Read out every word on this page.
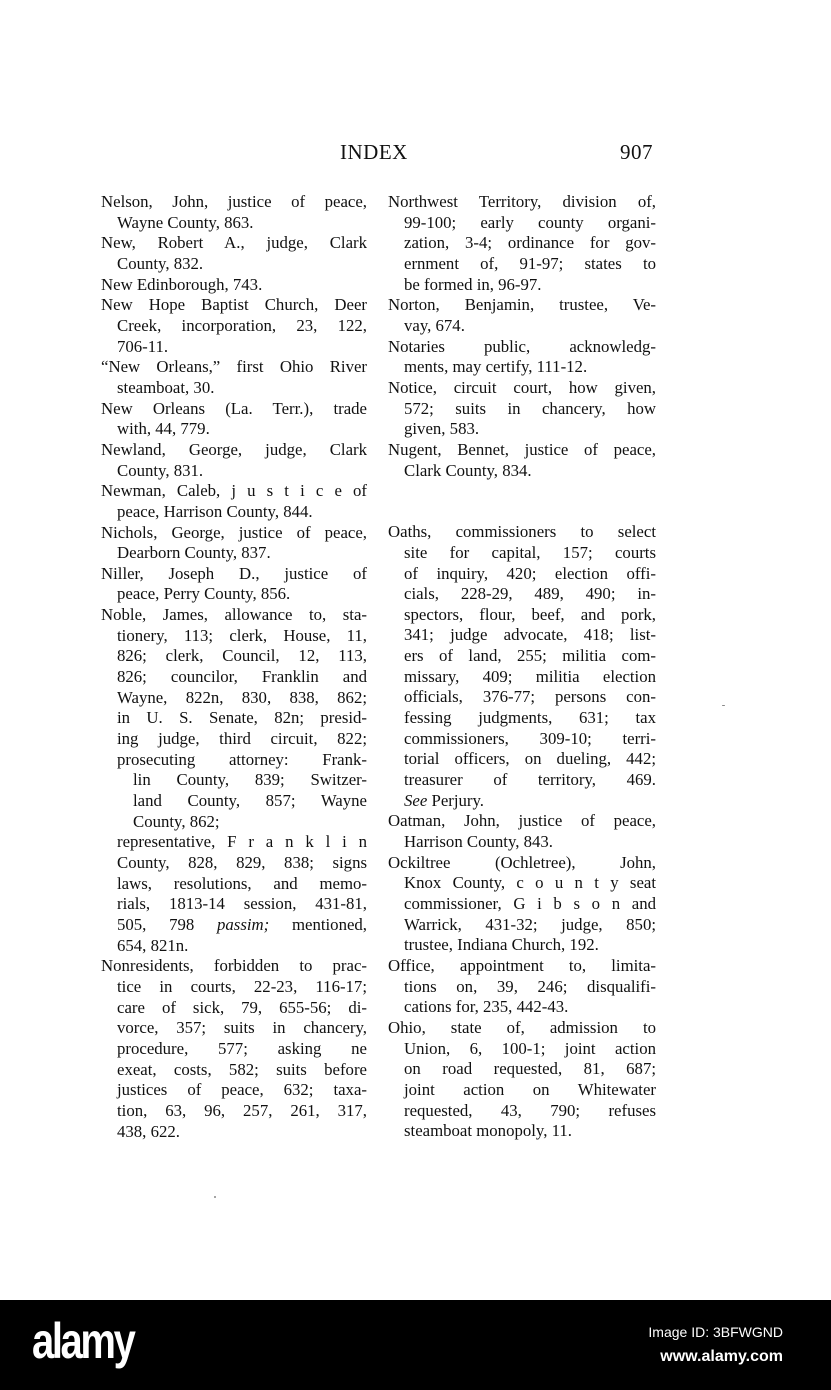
INDEX	907
Nelson, John, justice of peace,
Wayne County, 863.
New, Robert A., judge, Clark
County, 832.
New Edinborough, 743.
New Hope Baptist Church, Deer
Creek, incorporation, 23, 122,
706-11.
“New Orleans,” first Ohio River
steamboat, 30.
New Orleans (La. Terr.), trade
with, 44, 779.
Newland, George, judge, Clark
County, 831.
Newman, Caleb, j u s t i c e of
peace, Harrison County, 844.
Nichols, George, justice of peace,
Dearborn County, 837.
Niller, Joseph D., justice of
peace, Perry County, 856.
Noble, James, allowance to, sta-
tionery, 113; clerk, House, 11,
826; clerk, Council, 12, 113,
826; councilor, Franklin and
Wayne, 822n, 830, 838, 862;
in U. S. Senate, 82n; presid-
ing judge, third circuit, 822;
prosecuting attorney: Frank-
lin County, 839; Switzer-
land County, 857; Wayne
County, 862;
representative, F r a n k l i n
County, 828, 829, 838; signs
laws, resolutions, and memo-
rials, 1813-14 session, 431-81,
505, 798 passim; mentioned,
654, 821n.
Nonresidents, forbidden to prac-
tice in courts, 22-23, 116-17;
care of sick, 79, 655-56; di-
vorce, 357; suits in chancery,
procedure, 577; asking ne
exeat, costs, 582; suits before
justices of peace, 632; taxa-
tion, 63, 96, 257, 261, 317,
438, 622.
Northwest Territory, division of,
99-100; early county organi-
zation, 3-4; ordinance for gov-
ernment of, 91-97; states to
be formed in, 96-97.
Norton, Benjamin, trustee, Ve-
vay, 674.
Notaries public, acknowledg-
ments, may certify, 111-12.
Notice, circuit court, how given,
572; suits in chancery, how
given, 583.
Nugent, Bennet, justice of peace,
Clark County, 834.
Oaths, commissioners to select
site for capital, 157; courts
of inquiry, 420; election offi-
cials, 228-29, 489, 490; in-
spectors, flour, beef, and pork,
341; judge advocate, 418; list-
ers of land, 255; militia com-
missary, 409; militia election
officials, 376-77; persons con-
fessing judgments, 631; tax
commissioners, 309-10; terri-
torial officers, on dueling, 442;
treasurer of territory, 469.
See Perjury.
Oatman, John, justice of peace,
Harrison County, 843.
Ockiltree (Ochletree), John,
Knox County, c o u n t y seat
commissioner, G i b s o n and
Warrick, 431-32; judge, 850;
trustee, Indiana Church, 192.
Office, appointment to, limita-
tions on, 39, 246; disqualifi-
cations for, 235, 442-43.
Ohio, state of, admission to
Union, 6, 100-1; joint action
on road requested, 81, 687;
joint action on Whitewater
requested, 43, 790; refuses
steamboat monopoly, 11.
alamy	Image ID: 3BFWGND
www.alamy.com
